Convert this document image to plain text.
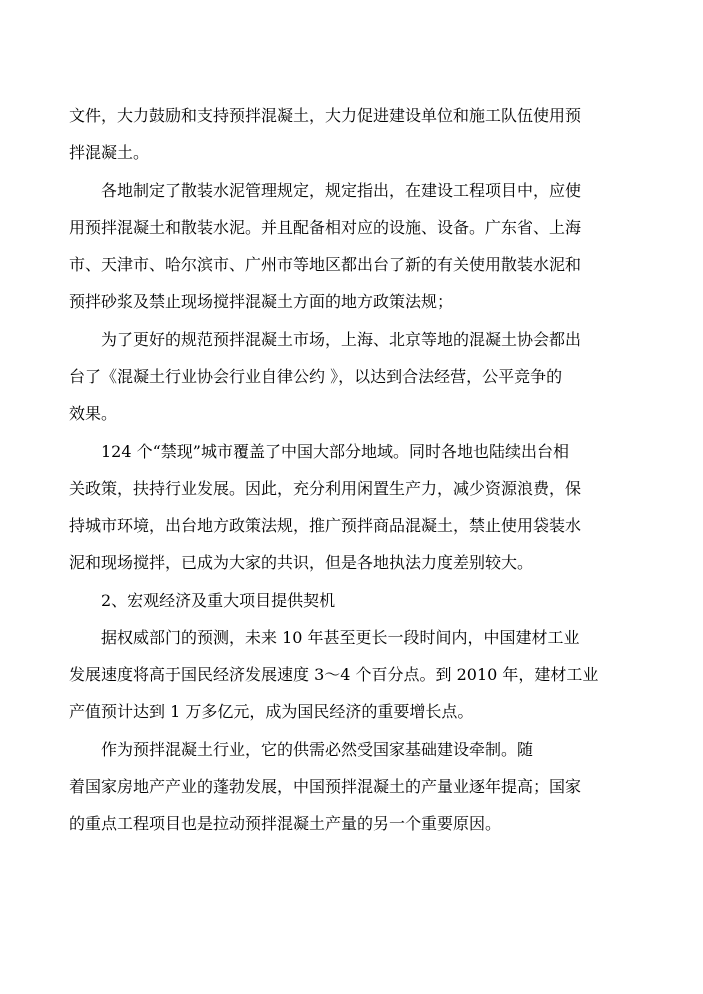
文件，大力鼓励和支持预拌混凝土，大力促进建设单位和施工队伍使用预
拌混凝土。
各地制定了散装水泥管理规定，规定指出，在建设工程项目中，应使
用预拌混凝土和散装水泥。并且配备相对应的设施、设备。广东省、上海
市、天津市、哈尔滨市、广州市等地区都出台了新的有关使用散装水泥和
预拌砂浆及禁止现场搅拌混凝土方面的地方政策法规；
为了更好的规范预拌混凝土市场，上海、北京等地的混凝土协会都出
台了《混凝土行业协会行业自律公约 》，以达到合法经营，公平竞争的
效果。
124 个“禁现”城市覆盖了中国大部分地域。同时各地也陆续出台相
关政策，扶持行业发展。因此，充分利用闲置生产力，减少资源浪费，保
持城市环境，出台地方政策法规，推广预拌商品混凝土，禁止使用袋装水
泥和现场搅拌，已成为大家的共识，但是各地执法力度差别较大。
2、宏观经济及重大项目提供契机
据权威部门的预测，未来 10 年甚至更长一段时间内，中国建材工业
发展速度将高于国民经济发展速度 3～4 个百分点。到 2010 年，建材工业
产值预计达到 1 万多亿元，成为国民经济的重要增长点。
作为预拌混凝土行业，它的供需必然受国家基础建设牵制。随
着国家房地产产业的蓬勃发展，中国预拌混凝土的产量业逐年提高；国家
的重点工程项目也是拉动预拌混凝土产量的另一个重要原因。
